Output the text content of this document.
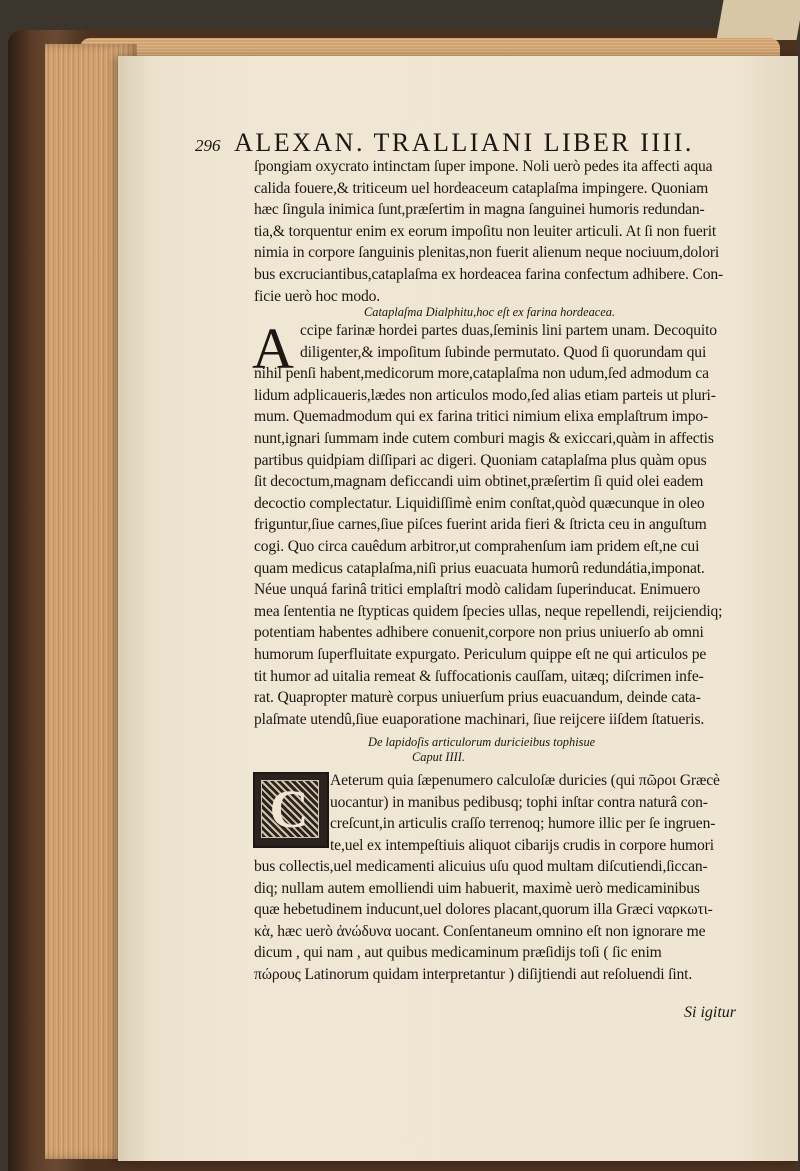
296 ALEXAN. TRALLIANI LIBER IIII.
ſpongiam oxycrato intinctam ſuper impone. Noli uerò pedes ita affecti aqua
calida fouere,& triticeum uel hordeaceum cataplaſma impingere. Quoniam
hæc ſingula inimica ſunt,præſertim in magna ſanguinei humoris redundan-
tia,& torquentur enim ex eorum impoſitu non leuiter articuli. At ſi non fuerit
nimia in corpore ſanguinis plenitas,non fuerit alienum neque nociuum,dolori
bus excruciantibus,cataplaſma ex hordeacea farina confectum adhibere. Con-
ficie uerò hoc modo.
Cataplaſma Dialphitu,hoc eſt ex farina hordeacea.
A ccipe farinæ hordei partes duas,ſeminis lini partem unam. Decoquito
diligenter,& impoſitum ſubinde permutato. Quod ſi quorundam qui
nihil penſi habent,medicorum more,cataplaſma non udum,ſed admodum ca
lidum adplicaueris,lædes non articulos modo,ſed alias etiam parteis ut pluri-
mum. Quemadmodum qui ex farina tritici nimium elixa emplaſtrum impo-
nunt,ignari ſummam inde cutem comburi magis & exiccari,quàm in affectis
partibus quidpiam diſſipari ac digeri. Quoniam cataplaſma plus quàm opus
ſit decoctum,magnam deficcandi uim obtinet,præſertim ſi quid olei eadem
decoctio complectatur. Liquidiſſimè enim conſtat,quòd quæcunque in oleo
friguntur,ſiue carnes,ſiue piſces fuerint arida fieri & ſtricta ceu in anguſtum
cogi. Quo circa cauêdum arbitror,ut comprahenſum iam pridem eſt,ne cui
quam medicus cataplaſma,niſi prius euacuata humorû redundátia,imponat.
Néue unquá farinâ tritici emplaſtri modò calidam ſuperinducat. Enimuero
mea ſententia ne ſtypticas quidem ſpecies ullas, neque repellendi, reijciendiq;
potentiam habentes adhibere conuenit,corpore non prius uniuerſo ab omni
humorum ſuperfluitate expurgato. Periculum quippe eſt ne qui articulos pe
tit humor ad uitalia remeat & ſuffocationis cauſſam, uitæq; diſcrimen infe-
rat. Quapropter maturè corpus uniuerſum prius euacuandum, deinde cata-
plaſmate utendû,ſiue euaporatione machinari, ſiue reijcere iiſdem ſtatueris.
De lapidoſis articulorum duricieibus tophisue
Caput IIII.
C	Aeterum quia ſæpenumero calculoſæ duricies (qui πῶροι Græcè
uocantur) in manibus pedibusq; tophi inſtar contra naturâ con-
creſcunt,in articulis craſſo terrenoq; humore illic per ſe ingruen-
te,uel ex intempeſtiuis aliquot cibarijs crudis in corpore humori
bus collectis,uel medicamenti alicuius uſu quod multam diſcutiendi,ſiccan-
diq; nullam autem emolliendi uim habuerit, maximè uerò medicaminibus
quæ hebetudinem inducunt,uel dolores placant,quorum illa Græci ναρκωτι-
κὰ, hæc uerò ἀνώδυνα uocant. Conſentaneum omnino eſt non ignorare me
dicum , qui nam , aut quibus medicaminum præſidijs toſi ( ſic enim
πώρους Latinorum quidam interpretantur ) diſijtiendi aut reſoluendi ſint.
Si igitur
